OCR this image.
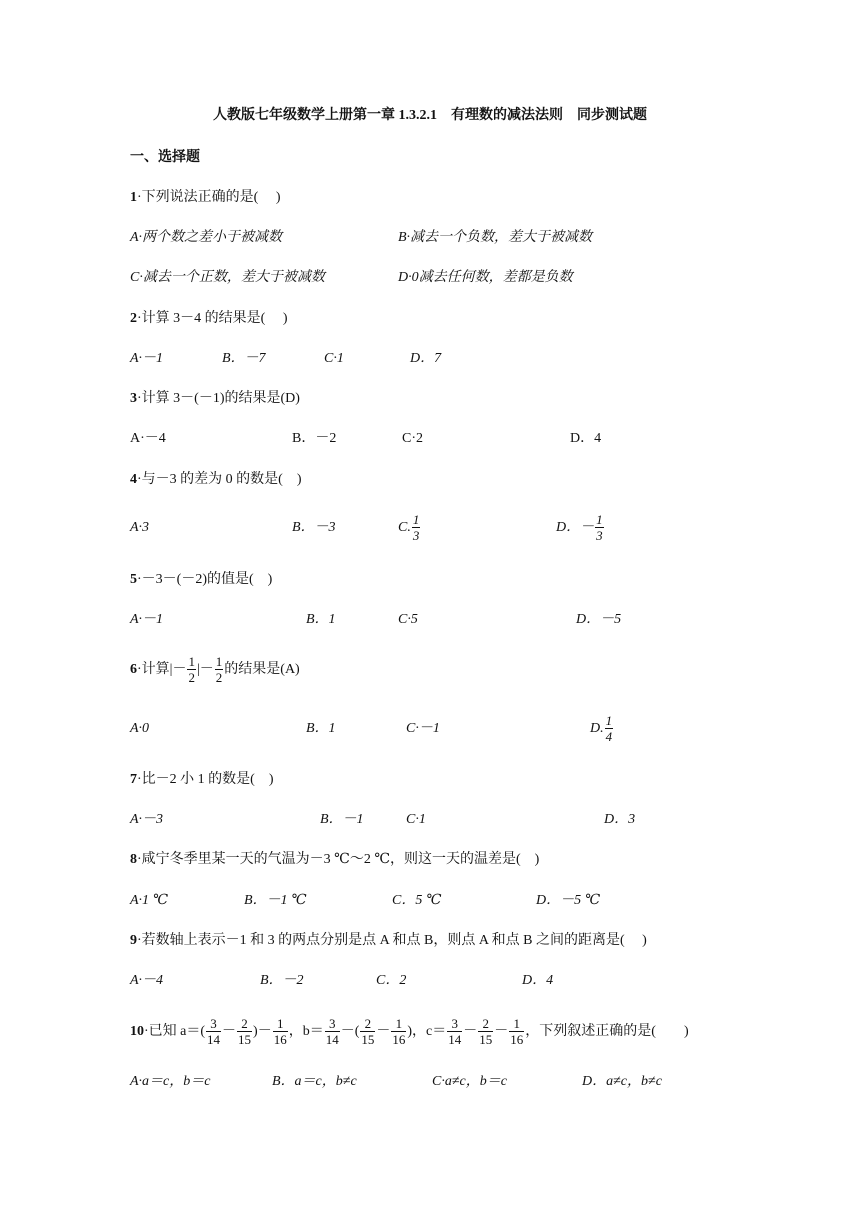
人教版七年级数学上册第一章 1.3.2.1　有理数的减法法则　同步测试题
一、选择题
1·下列说法正确的是(　 )
A·两个数之差小于被减数	B·减去一个负数，差大于被减数
C·减去一个正数，差大于被减数	D·0减去任何数，差都是负数
2·计算 3－4 的结果是(　 )
A·－1	B．－7	C·1	D．7
3·计算 3－(－1)的结果是(D)
A·－4	B．－2	C·2	D．4
4·与－3 的差为 0 的数是(　)
A·3	B．－3	C. $\frac{1}{3}$	D．－ $\frac{1}{3}$
5·－3－(－2)的值是(　)
A·－1	B．1	C·5	D．－5
6·计算|－ $\frac{1}{2}$ |－ $\frac{1}{2}$ 的结果是(A)
A·0	B．1	C·－1	D. $\frac{1}{4}$
7·比－2 小 1 的数是(　)
A·－3	B．－1	C·1	D．3
8·咸宁冬季里某一天的气温为－3 ℃～2 ℃，则这一天的温差是(　)
A·1 ℃	B．－1 ℃	C．5 ℃	D．－5 ℃
9·若数轴上表示－1 和 3 的两点分别是点 A 和点 B，则点 A 和点 B 之间的距离是(　 )
A·－4	B．－2	C．2	D．4
10·已知 $a=( \frac{3}{14} - \frac{2}{15}$ )－ $\frac{1}{16}$ ，$b= \frac{3}{14}$ －( $\frac{2}{15} - \frac{1}{16}$ )，$c= \frac{3}{14} - \frac{2}{15} - \frac{1}{16}$ ，下列叙述正确的是(　　)
A·a＝c，b＝c	B．a＝c，b≠c	C·a≠c，b＝c	D．a≠c，b≠c
